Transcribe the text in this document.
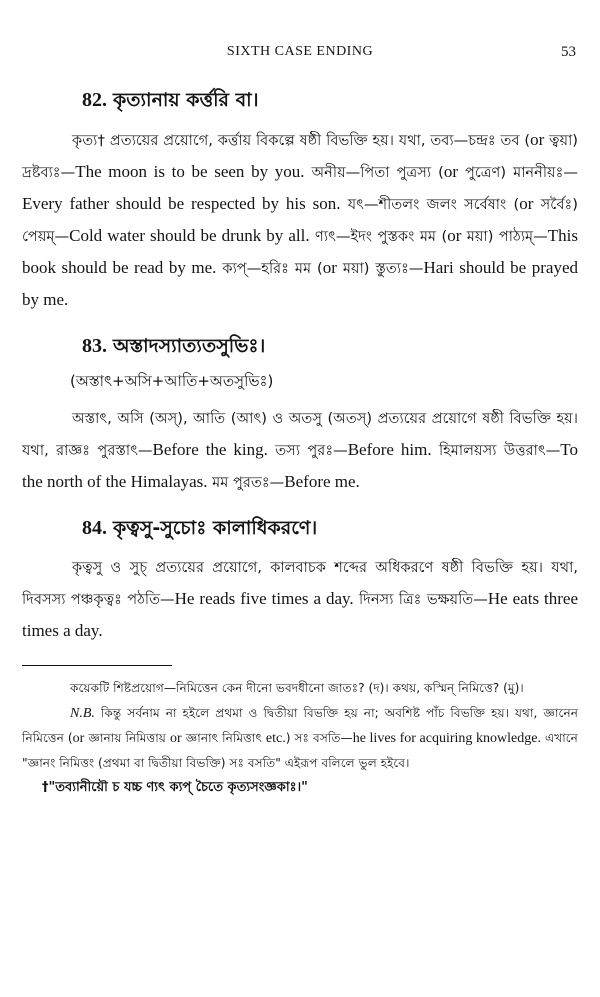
SIXTH CASE ENDING	53
82. কৃত্যানায় কর্ত্তরি বা।

কৃত্য† প্রত্যয়ের প্রয়োগে, কর্ত্তায় বিকল্পে ষষ্ঠী বিভক্তি হয়। যথা, তব্য—চন্দ্রঃ তব (or ত্বয়া) দ্রষ্টব্যঃ—The moon is to be seen by you. অনীয়—পিতা পুত্রস্য (or পুত্রেণ) মাননীয়ঃ—Every father should be respected by his son. যৎ—শীতলং জলং সর্বেষাং (or সর্বৈঃ) পেয়ম্—Cold water should be drunk by all. ণ্যৎ—ইদং পুস্তকং মম (or ময়া) পাঠ্যম্—This book should be read by me. ক্যপ্—হরিঃ মম (or ময়া) স্তুত্যঃ—Hari should be prayed by me.

83. অস্তাদস্যাত্যতসুভিঃ।
(অস্তাৎ+অসি+আতি+অতসুভিঃ)

অস্তাৎ, অসি (অস্), আতি (আৎ) ও অতসু (অতস্) প্রত্যয়ের প্রয়োগে ষষ্ঠী বিভক্তি হয়। যথা, রাজ্ঞঃ পুরস্তাৎ—Before the king. তস্য পুরঃ—Before him. হিমালয়স্য উত্তরাৎ—To the north of the Himalayas. মম পুরতঃ—Before me.

84. কৃত্বসু-সুচোঃ কালাধিকরণে।

কৃত্বসু ও সুচ্ প্রত্যয়ের প্রয়োগে, কালবাচক শব্দের অধিকরণে ষষ্ঠী বিভক্তি হয়। যথা, দিবসস্য পঞ্চকৃত্বঃ পঠতি—He reads five times a day. দিনস্য ত্রিঃ ভক্ষয়তি—He eats three times a day.

কয়েকটি শিষ্টপ্রয়োগ—নিমিত্তেন কেন দীনো ভবদধীনো জাতঃ? (দ)। কথয়, কস্মিন্ নিমিত্তে? (মু)।

N.B. কিন্তু সর্বনাম না হইলে প্রথমা ও দ্বিতীয়া বিভক্তি হয় না; অবশিষ্ট পাঁচ বিভক্তি হয়। যথা, জ্ঞানেন নিমিত্তেন (or জ্ঞানায় নিমিত্তায় or জ্ঞানাৎ নিমিত্তাৎ etc.) সঃ বসতি—he lives for acquiring knowledge. এখানে "জ্ঞানং নিমিত্তং (প্রথমা বা দ্বিতীয়া বিভক্তি) সঃ বসতি" এইরূপ বলিলে ভুল হইবে।

†"তব্যানীয়ৌ চ যচ্চ ণ্যৎ ক্যপ্ চৈতে কৃত্যসংজ্ঞকাঃ।"
